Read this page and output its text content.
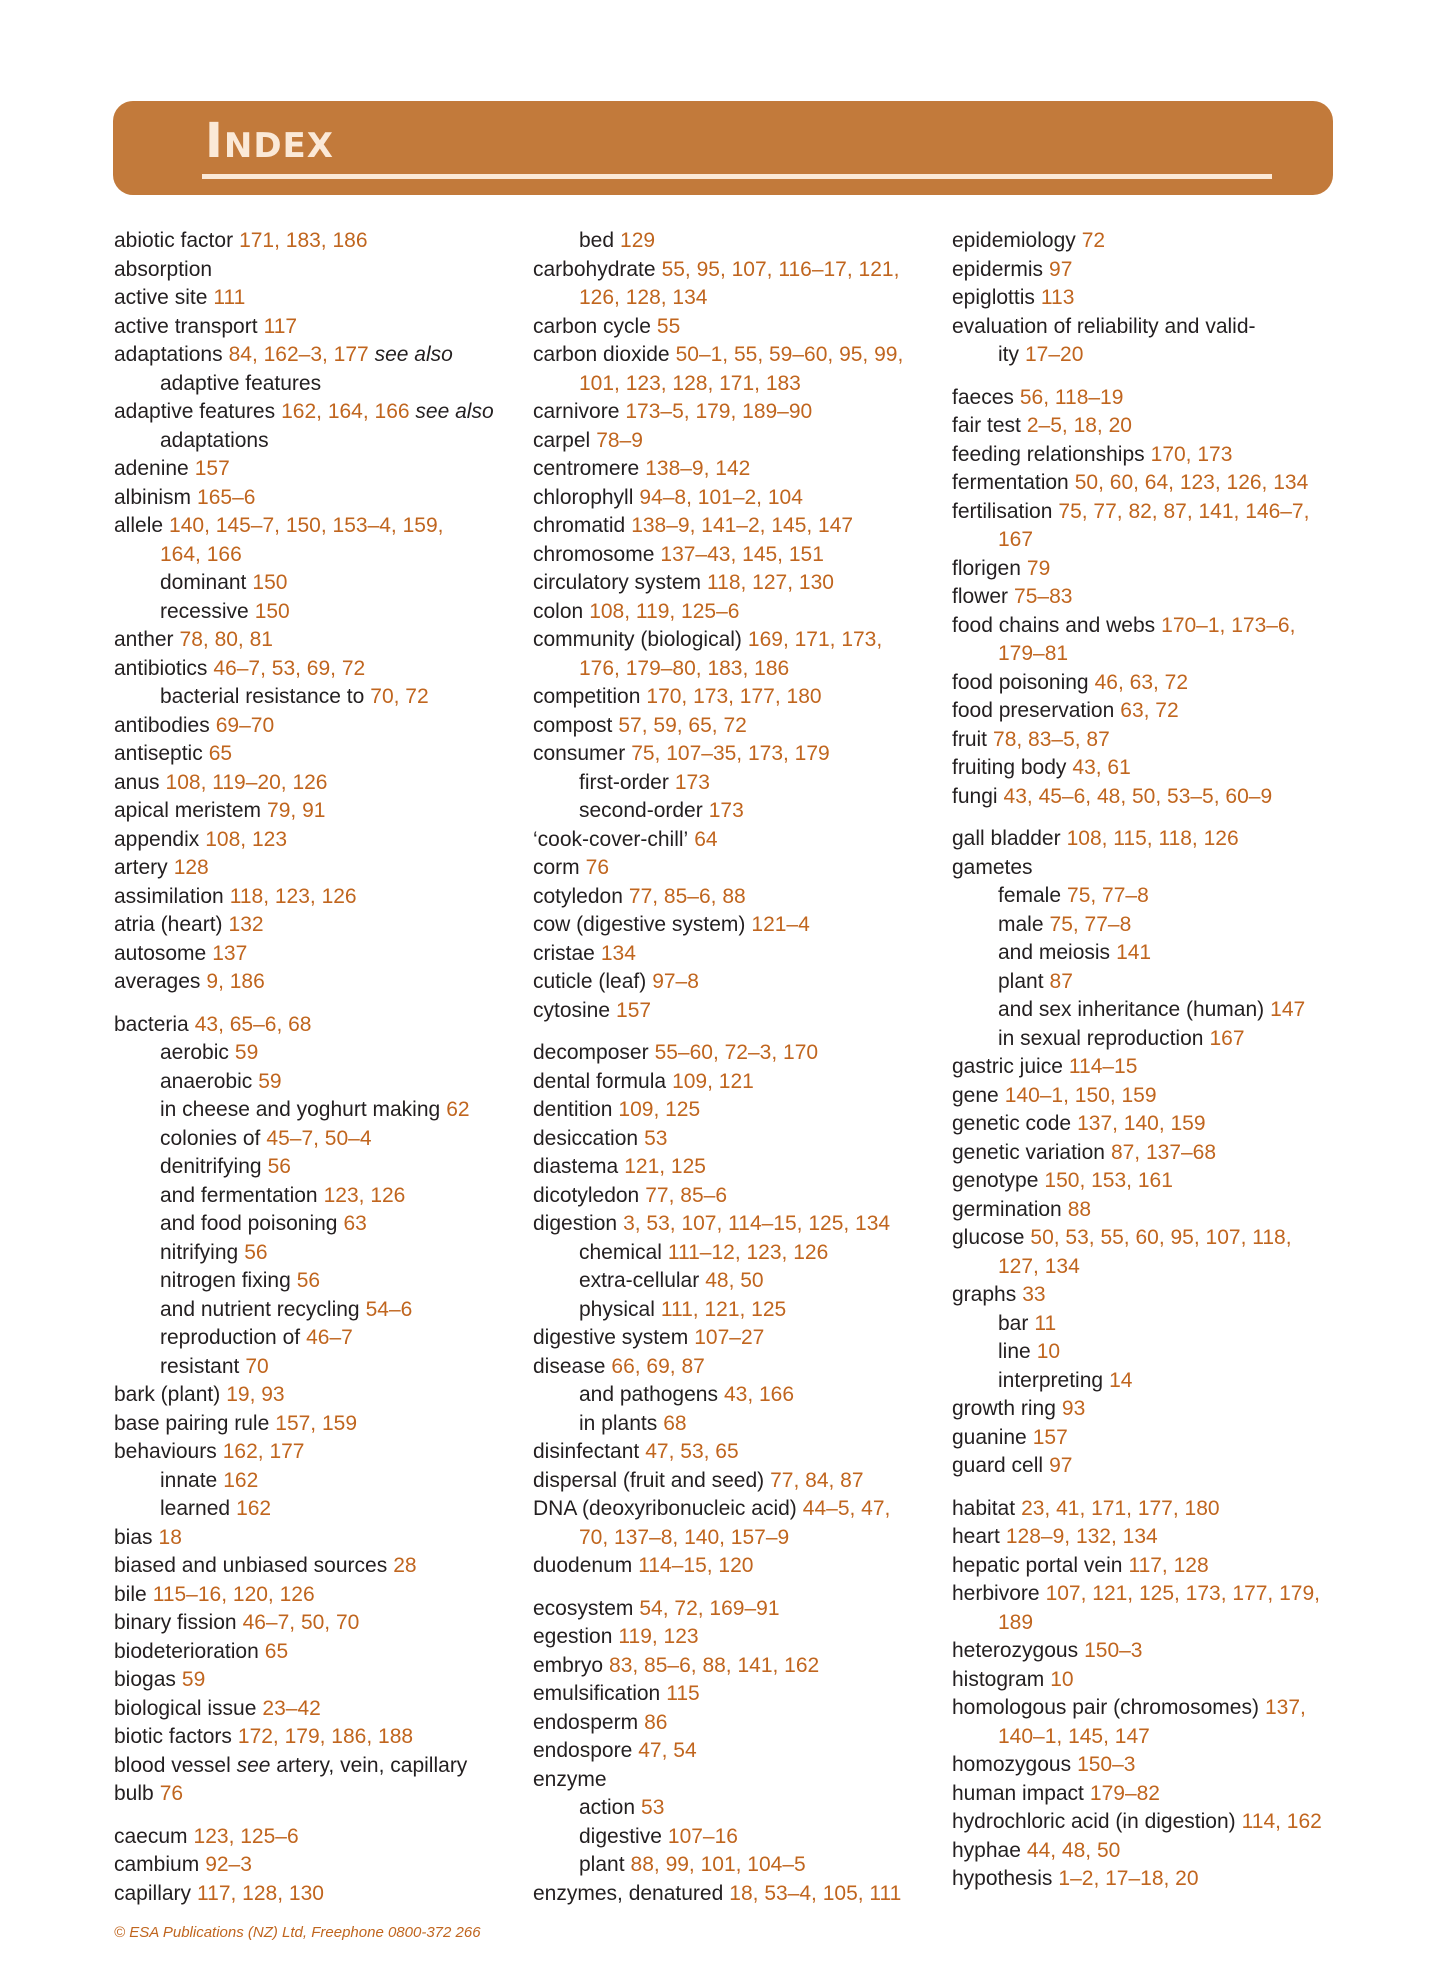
Index
abiotic factor 171, 183, 186
absorption
active site 111
active transport 117
adaptations 84, 162–3, 177 see also
adaptive features
adaptive features 162, 164, 166 see also
adaptations
adenine 157
albinism 165–6
allele 140, 145–7, 150, 153–4, 159,
164, 166
dominant 150
recessive 150
anther 78, 80, 81
antibiotics 46–7, 53, 69, 72
bacterial resistance to 70, 72
antibodies 69–70
antiseptic 65
anus 108, 119–20, 126
apical meristem 79, 91
appendix 108, 123
artery 128
assimilation 118, 123, 126
atria (heart) 132
autosome 137
averages 9, 186
bacteria 43, 65–6, 68
aerobic 59
anaerobic 59
in cheese and yoghurt making 62
colonies of 45–7, 50–4
denitrifying 56
and fermentation 123, 126
and food poisoning 63
nitrifying 56
nitrogen fixing 56
and nutrient recycling 54–6
reproduction of 46–7
resistant 70
bark (plant) 19, 93
base pairing rule 157, 159
behaviours 162, 177
innate 162
learned 162
bias 18
biased and unbiased sources 28
bile 115–16, 120, 126
binary fission 46–7, 50, 70
biodeterioration 65
biogas 59
biological issue 23–42
biotic factors 172, 179, 186, 188
blood vessel see artery, vein, capillary
bulb 76
caecum 123, 125–6
cambium 92–3
capillary 117, 128, 130
bed 129
carbohydrate 55, 95, 107, 116–17, 121,
126, 128, 134
carbon cycle 55
carbon dioxide 50–1, 55, 59–60, 95, 99,
101, 123, 128, 171, 183
carnivore 173–5, 179, 189–90
carpel 78–9
centromere 138–9, 142
chlorophyll 94–8, 101–2, 104
chromatid 138–9, 141–2, 145, 147
chromosome 137–43, 145, 151
circulatory system 118, 127, 130
colon 108, 119, 125–6
community (biological) 169, 171, 173,
176, 179–80, 183, 186
competition 170, 173, 177, 180
compost 57, 59, 65, 72
consumer 75, 107–35, 173, 179
first-order 173
second-order 173
‘cook-cover-chill’ 64
corm 76
cotyledon 77, 85–6, 88
cow (digestive system) 121–4
cristae 134
cuticle (leaf) 97–8
cytosine 157
decomposer 55–60, 72–3, 170
dental formula 109, 121
dentition 109, 125
desiccation 53
diastema 121, 125
dicotyledon 77, 85–6
digestion 3, 53, 107, 114–15, 125, 134
chemical 111–12, 123, 126
extra-cellular 48, 50
physical 111, 121, 125
digestive system 107–27
disease 66, 69, 87
and pathogens 43, 166
in plants 68
disinfectant 47, 53, 65
dispersal (fruit and seed) 77, 84, 87
DNA (deoxyribonucleic acid) 44–5, 47,
70, 137–8, 140, 157–9
duodenum 114–15, 120
ecosystem 54, 72, 169–91
egestion 119, 123
embryo 83, 85–6, 88, 141, 162
emulsification 115
endosperm 86
endospore 47, 54
enzyme
action 53
digestive 107–16
plant 88, 99, 101, 104–5
enzymes, denatured 18, 53–4, 105, 111
epidemiology 72
epidermis 97
epiglottis 113
evaluation of reliability and valid-
ity 17–20
faeces 56, 118–19
fair test 2–5, 18, 20
feeding relationships 170, 173
fermentation 50, 60, 64, 123, 126, 134
fertilisation 75, 77, 82, 87, 141, 146–7,
167
florigen 79
flower 75–83
food chains and webs 170–1, 173–6,
179–81
food poisoning 46, 63, 72
food preservation 63, 72
fruit 78, 83–5, 87
fruiting body 43, 61
fungi 43, 45–6, 48, 50, 53–5, 60–9
gall bladder 108, 115, 118, 126
gametes
female 75, 77–8
male 75, 77–8
and meiosis 141
plant 87
and sex inheritance (human) 147
in sexual reproduction 167
gastric juice 114–15
gene 140–1, 150, 159
genetic code 137, 140, 159
genetic variation 87, 137–68
genotype 150, 153, 161
germination 88
glucose 50, 53, 55, 60, 95, 107, 118,
127, 134
graphs 33
bar 11
line 10
interpreting 14
growth ring 93
guanine 157
guard cell 97
habitat 23, 41, 171, 177, 180
heart 128–9, 132, 134
hepatic portal vein 117, 128
herbivore 107, 121, 125, 173, 177, 179,
189
heterozygous 150–3
histogram 10
homologous pair (chromosomes) 137,
140–1, 145, 147
homozygous 150–3
human impact 179–82
hydrochloric acid (in digestion) 114, 162
hyphae 44, 48, 50
hypothesis 1–2, 17–18, 20
© ESA Publications (NZ) Ltd, Freephone 0800-372 266
